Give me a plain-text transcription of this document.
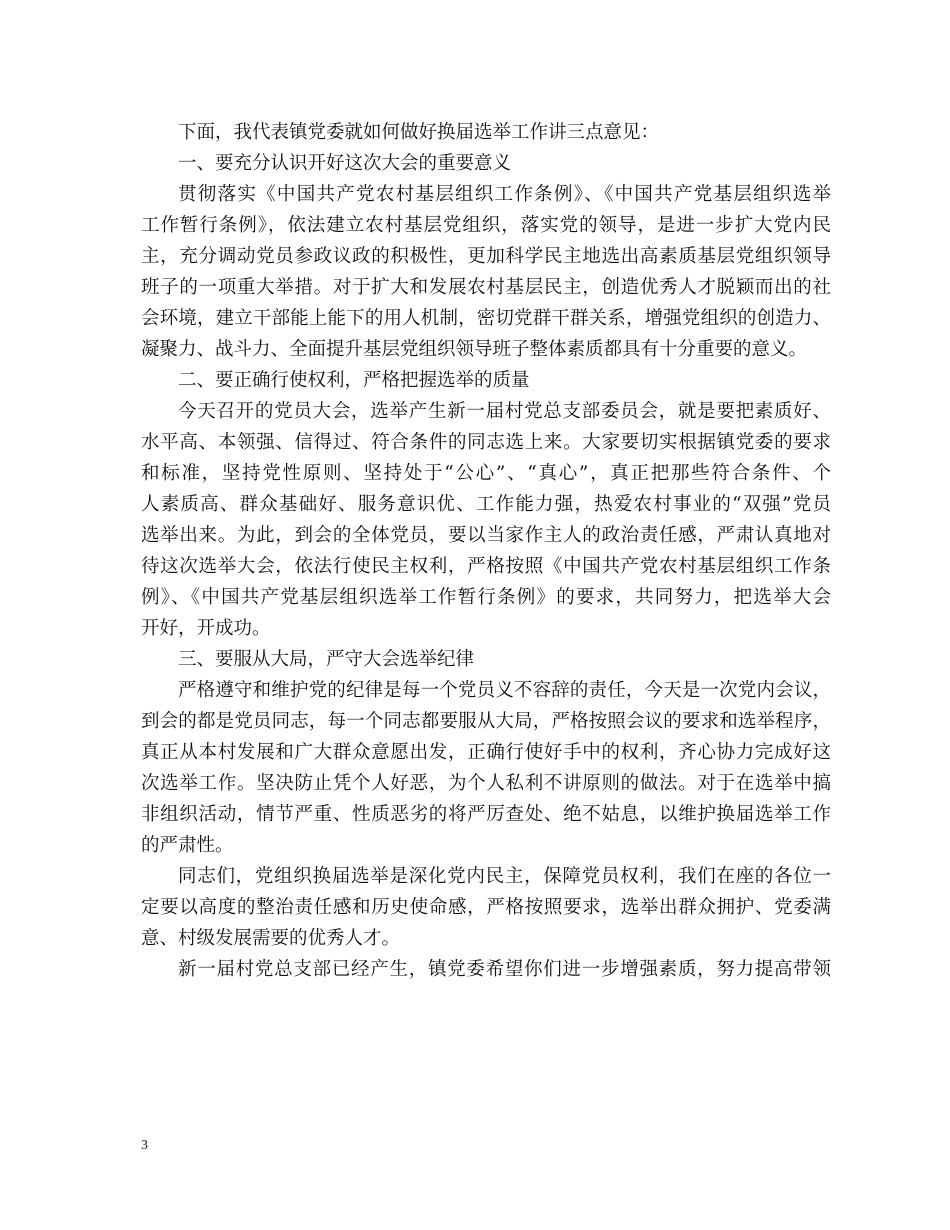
下面，我代表镇党委就如何做好换届选举工作讲三点意见：
一、要充分认识开好这次大会的重要意义
贯彻落实《中国共产党农村基层组织工作条例》、《中国共产党基层组织选举
工作暂行条例》，依法建立农村基层党组织，落实党的领导，是进一步扩大党内民
主，充分调动党员参政议政的积极性，更加科学民主地选出高素质基层党组织领导
班子的一项重大举措。对于扩大和发展农村基层民主，创造优秀人才脱颖而出的社
会环境，建立干部能上能下的用人机制，密切党群干群关系，增强党组织的创造力、
凝聚力、战斗力、全面提升基层党组织领导班子整体素质都具有十分重要的意义。
二、要正确行使权利，严格把握选举的质量
今天召开的党员大会，选举产生新一届村党总支部委员会，就是要把素质好、
水平高、本领强、信得过、符合条件的同志选上来。大家要切实根据镇党委的要求
和标准，坚持党性原则、坚持处于“公心”、“真心”，真正把那些符合条件、个
人素质高、群众基础好、服务意识优、工作能力强，热爱农村事业的“双强”党员
选举出来。为此，到会的全体党员，要以当家作主人的政治责任感，严肃认真地对
待这次选举大会，依法行使民主权利，严格按照《中国共产党农村基层组织工作条
例》、《中国共产党基层组织选举工作暂行条例》的要求，共同努力，把选举大会
开好，开成功。
三、要服从大局，严守大会选举纪律
严格遵守和维护党的纪律是每一个党员义不容辞的责任，今天是一次党内会议，
到会的都是党员同志，每一个同志都要服从大局，严格按照会议的要求和选举程序，
真正从本村发展和广大群众意愿出发，正确行使好手中的权利，齐心协力完成好这
次选举工作。坚决防止凭个人好恶，为个人私利不讲原则的做法。对于在选举中搞
非组织活动，情节严重、性质恶劣的将严厉查处、绝不姑息，以维护换届选举工作
的严肃性。
同志们，党组织换届选举是深化党内民主，保障党员权利，我们在座的各位一
定要以高度的整治责任感和历史使命感，严格按照要求，选举出群众拥护、党委满
意、村级发展需要的优秀人才。
新一届村党总支部已经产生，镇党委希望你们进一步增强素质，努力提高带领
3
